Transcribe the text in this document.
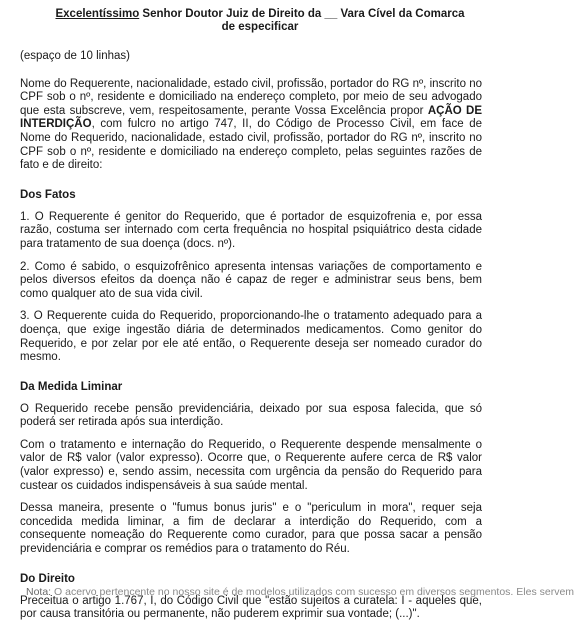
Excelentíssimo Senhor Doutor Juiz de Direito da __ Vara Cível da Comarca
de especificar

(espaço de 10 linhas)

Nome do Requerente, nacionalidade, estado civil, profissão, portador do RG nº, inscrito no CPF sob o nº, residente e domiciliado na endereço completo, por meio de seu advogado que esta subscreve, vem, respeitosamente, perante Vossa Excelência propor AÇÃO DE INTERDIÇÃO, com fulcro no artigo 747, II, do Código de Processo Civil, em face de Nome do Requerido, nacionalidade, estado civil, profissão, portador do RG nº, inscrito no CPF sob o nº, residente e domiciliado na endereço completo, pelas seguintes razões de fato e de direito:

Dos Fatos

1. O Requerente é genitor do Requerido, que é portador de esquizofrenia e, por essa razão, costuma ser internado com certa frequência no hospital psiquiátrico desta cidade para tratamento de sua doença (docs. nº).

2. Como é sabido, o esquizofrênico apresenta intensas variações de comportamento e pelos diversos efeitos da doença não é capaz de reger e administrar seus bens, bem como qualquer ato de sua vida civil.

3. O Requerente cuida do Requerido, proporcionando-lhe o tratamento adequado para a doença, que exige ingestão diária de determinados medicamentos. Como genitor do Requerido, e por zelar por ele até então, o Requerente deseja ser nomeado curador do mesmo.

Da Medida Liminar

O Requerido recebe pensão previdenciária, deixado por sua esposa falecida, que só poderá ser retirada após sua interdição.

Com o tratamento e internação do Requerido, o Requerente despende mensalmente o valor de R$ valor (valor expresso). Ocorre que, o Requerente aufere cerca de R$ valor (valor expresso) e, sendo assim, necessita com urgência da pensão do Requerido para custear os cuidados indispensáveis à sua saúde mental.

Dessa maneira, presente o "fumus bonus juris" e o "periculum in mora", requer seja concedida medida liminar, a fim de declarar a interdição do Requerido, com a consequente nomeação do Requerente como curador, para que possa sacar a pensão previdenciária e comprar os remédios para o tratamento do Réu.

Do Direito

Preceitua o artigo 1.767, I, do Código Civil que "estão sujeitos a curatela: I - aqueles que, por causa transitória ou permanente, não puderem exprimir sua vontade; (...)".

Nota: O acervo pertencente no nosso site é de modelos utilizados com sucesso em diversos segmentos. Eles servem
